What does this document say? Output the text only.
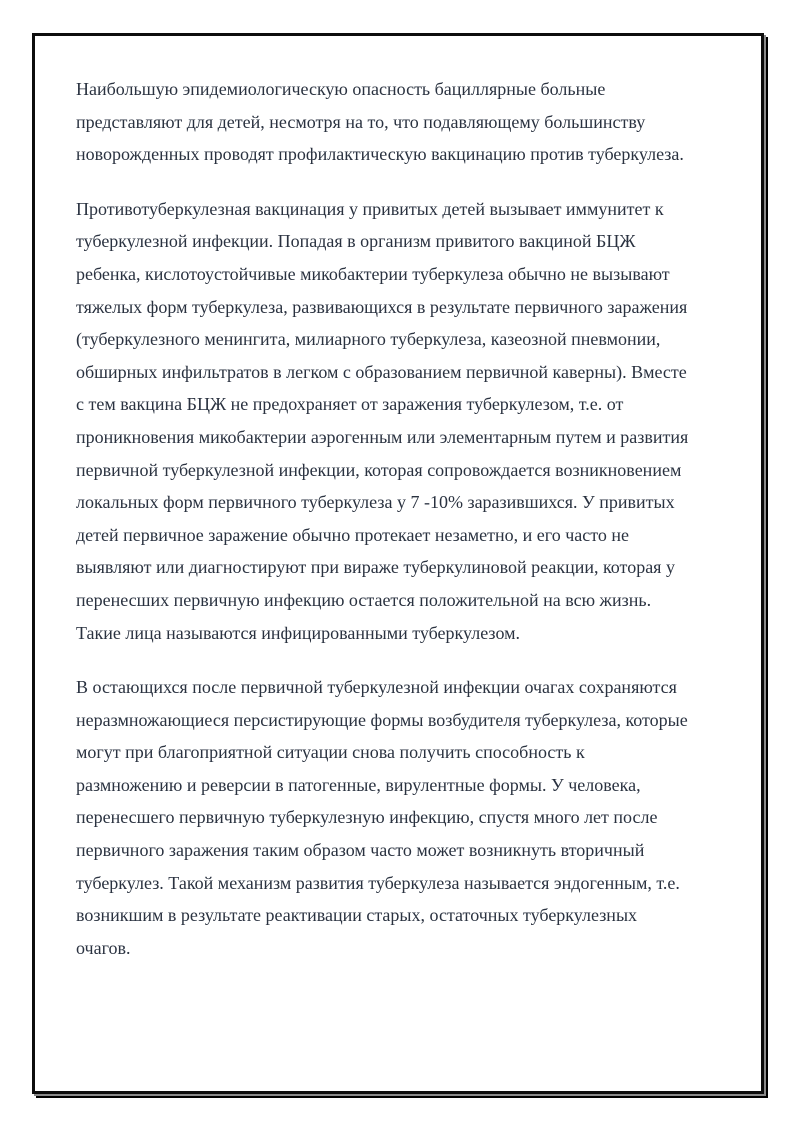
Наибольшую эпидемиологическую опасность бациллярные больные
представляют для детей, несмотря на то, что подавляющему большинству
новорожденных проводят профилактическую вакцинацию против туберкулеза.

Противотуберкулезная вакцинация у привитых детей вызывает иммунитет к
туберкулезной инфекции. Попадая в организм привитого вакциной БЦЖ
ребенка, кислотоустойчивые микобактерии туберкулеза обычно не вызывают
тяжелых форм туберкулеза, развивающихся в результате первичного заражения
(туберкулезного менингита, милиарного туберкулеза, казеозной пневмонии,
обширных инфильтратов в легком с образованием первичной каверны). Вместе
с тем вакцина БЦЖ не предохраняет от заражения туберкулезом, т.е. от
проникновения микобактерии аэрогенным или элементарным путем и развития
первичной туберкулезной инфекции, которая сопровождается возникновением
локальных форм первичного туберкулеза у 7 -10% заразившихся. У привитых
детей первичное заражение обычно протекает незаметно, и его часто не
выявляют или диагностируют при вираже туберкулиновой реакции, которая у
перенесших первичную инфекцию остается положительной на всю жизнь.
Такие лица называются инфицированными туберкулезом.

В остающихся после первичной туберкулезной инфекции очагах сохраняются
неразмножающиеся персистирующие формы возбудителя туберкулеза, которые
могут при благоприятной ситуации снова получить способность к
размножению и реверсии в патогенные, вирулентные формы. У человека,
перенесшего первичную туберкулезную инфекцию, спустя много лет после
первичного заражения таким образом часто может возникнуть вторичный
туберкулез. Такой механизм развития туберкулеза называется эндогенным, т.е.
возникшим в результате реактивации старых, остаточных туберкулезных
очагов.
